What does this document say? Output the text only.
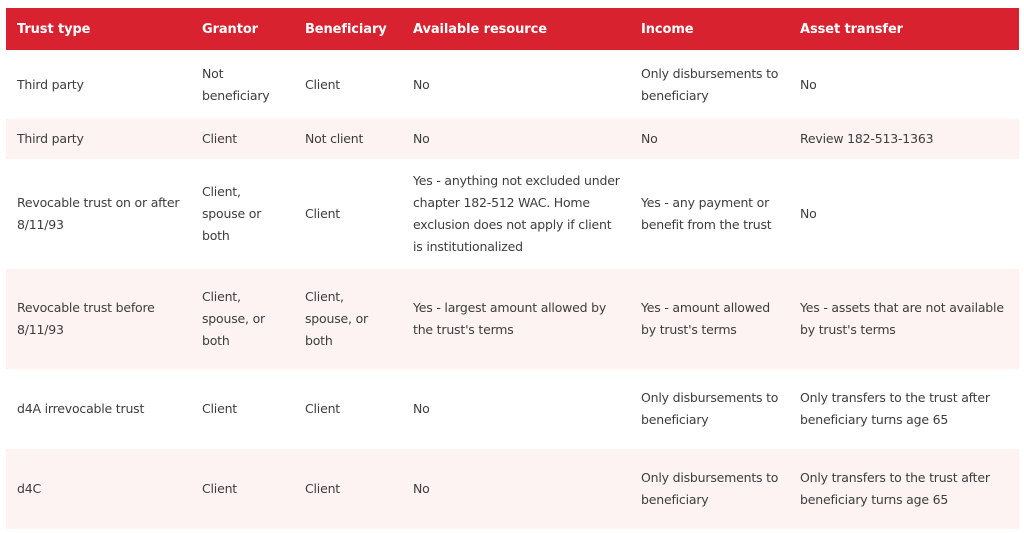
Trust type	Grantor	Beneficiary	Available resource	Income	Asset transfer
Third party	Not beneficiary	Client	No	Only disbursements to beneficiary	No
Third party	Client	Not client	No	No	Review 182-513-1363
Revocable trust on or after 8/11/93	Client, spouse or both	Client	Yes - anything not excluded under chapter 182-512 WAC. Home exclusion does not apply if client is institutionalized	Yes - any payment or benefit from the trust	No
Revocable trust before 8/11/93	Client, spouse, or both	Client, spouse, or both	Yes - largest amount allowed by the trust's terms	Yes - amount allowed by trust's terms	Yes - assets that are not available by trust's terms
d4A irrevocable trust	Client	Client	No	Only disbursements to beneficiary	Only transfers to the trust after beneficiary turns age 65
d4C	Client	Client	No	Only disbursements to beneficiary	Only transfers to the trust after beneficiary turns age 65
